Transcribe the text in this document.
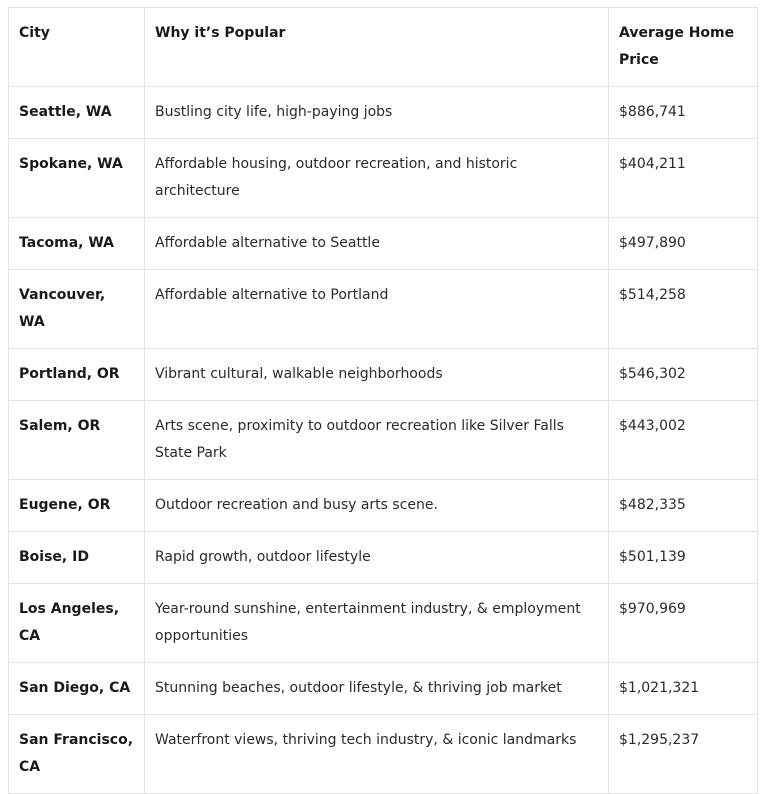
City	Why it’s Popular	Average Home Price
Seattle, WA	Bustling city life, high-paying jobs	$886,741
Spokane, WA	Affordable housing, outdoor recreation, and historic architecture	$404,211
Tacoma, WA	Affordable alternative to Seattle	$497,890
Vancouver, WA	Affordable alternative to Portland	$514,258
Portland, OR	Vibrant cultural, walkable neighborhoods	$546,302
Salem, OR	Arts scene, proximity to outdoor recreation like Silver Falls State Park	$443,002
Eugene, OR	Outdoor recreation and busy arts scene.	$482,335
Boise, ID	Rapid growth, outdoor lifestyle	$501,139
Los Angeles, CA	Year-round sunshine, entertainment industry, & employment opportunities	$970,969
San Diego, CA	Stunning beaches, outdoor lifestyle, & thriving job market	$1,021,321
San Francisco, CA	Waterfront views, thriving tech industry, & iconic landmarks	$1,295,237
